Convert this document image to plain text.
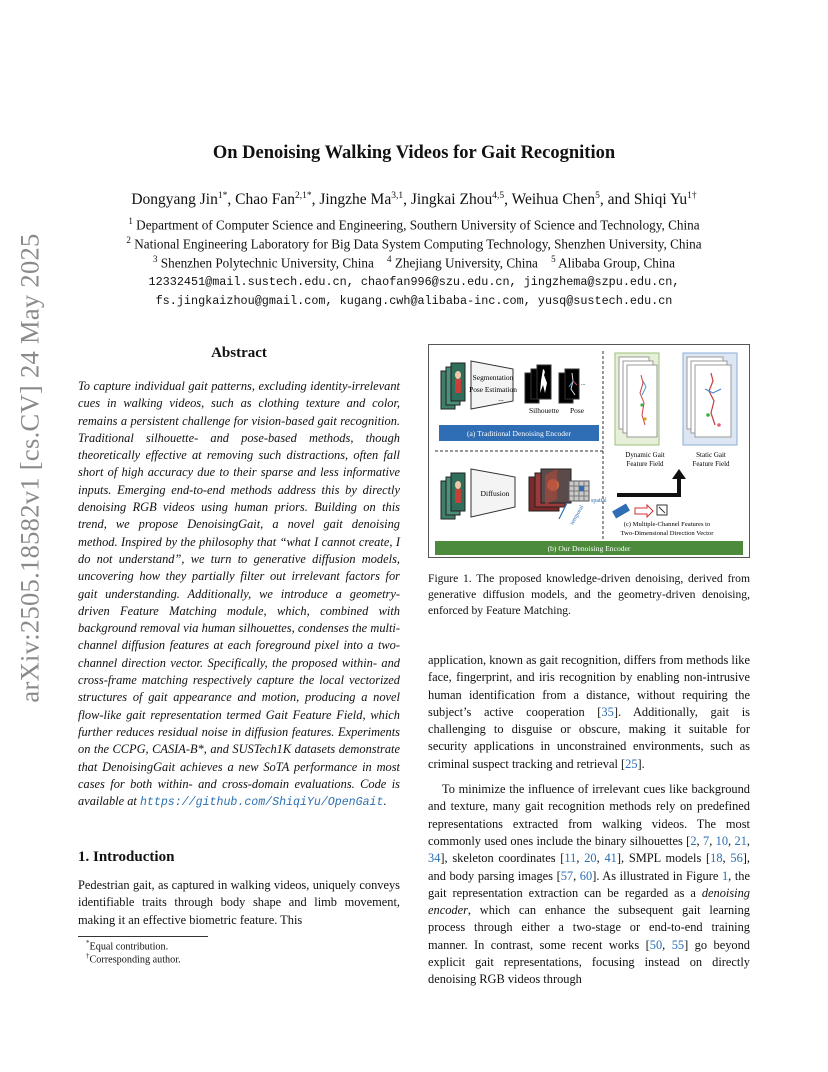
arXiv:2505.18582v1 [cs.CV] 24 May 2025
On Denoising Walking Videos for Gait Recognition
Dongyang Jin$^{1*}$, Chao Fan$^{2,1*}$, Jingzhe Ma$^{3,1}$, Jingkai Zhou$^{4,5}$, Weihua Chen$^5$, and Shiqi $Yu^{1\dagger}$
$^1$ Department of Computer Science and Engineering, Southern University of Science and Technology, China
$^2$ National Engineering Laboratory for Big Data System Computing Technology, Shenzhen University, China
$^3$ Shenzhen Polytechnic University, China $^4$ Zhejiang University, China $^5$ Alibaba Group, China
12332451@mail.sustech.edu.cn, chaofan996@szu.edu.cn, jingzhema@szpu.edu.cn,
fs.jingkaizhou@gmail.com, kugang.cwh@alibaba-inc.com, yusq@sustech.edu.cn
Abstract
To capture individual gait patterns, excluding identity-irrelevant cues in walking videos, such as clothing texture and color, remains a persistent challenge for vision-based gait recognition. Traditional silhouette- and pose-based methods, though theoretically effective at removing such distractions, often fall short of high accuracy due to their sparse and less informative inputs. Emerging end-to-end methods address this by directly denoising RGB videos using human priors. Building on this trend, we propose DenoisingGait, a novel gait denoising method. Inspired by the philosophy that “what I cannot create, I do not understand”, we turn to generative diffusion models, uncovering how they partially filter out irrelevant factors for gait understanding. Additionally, we introduce a geometry-driven Feature Matching module, which, combined with background removal via human silhouettes, condenses the multi-channel diffusion features at each foreground pixel into a two-channel direction vector. Specifically, the proposed within- and cross-frame matching respectively capture the local vectorized structures of gait appearance and motion, producing a novel flow-like gait representation termed Gait Feature Field, which further reduces residual noise in diffusion features. Experiments on the CCPG, CASIA-B*, and SUSTech1K datasets demonstrate that DenoisingGait achieves a new SoTA performance in most cases for both within- and cross-domain evaluations. Code is available at https://github.com/ShiqiYu/OpenGait.
1. Introduction
Pedestrian gait, as captured in walking videos, uniquely conveys identifiable traits through body shape and limb movement, making it an effective biometric feature. This
*Equal contribution.
†Corresponding author.
Segmentation
Pose Estimation
...
...
Silhouette Pose
(a) Traditional Denoising Encoder
Diffusion
spatial
temporal
Dynamic Gait
Feature Field
Static Gait
Feature Field
(c) Multiple-Channel Features to
Two-Dimensional Direction Vector
(b) Our Denoising Encoder
Figure 1. The proposed knowledge-driven denoising, derived from generative diffusion models, and the geometry-driven denoising, enforced by Feature Matching.

application, known as gait recognition, differs from methods like face, fingerprint, and iris recognition by enabling non-intrusive human identification from a distance, without requiring the subject’s active cooperation [35]. Additionally, gait is challenging to disguise or obscure, making it suitable for security applications in unconstrained environments, such as criminal suspect tracking and retrieval [25].

To minimize the influence of irrelevant cues like background and texture, many gait recognition methods rely on predefined representations extracted from walking videos. The most commonly used ones include the binary silhouettes [2, 7, 10, 21, 34], skeleton coordinates [11, 20, 41], SMPL models [18, 56], and body parsing images [57, 60]. As illustrated in Figure 1, the gait representation extraction can be regarded as a denoising encoder, which can enhance the subsequent gait learning process through either a two-stage or end-to-end training manner. In contrast, some recent works [50, 55] go beyond explicit gait representations, focusing instead on directly denoising RGB videos through
